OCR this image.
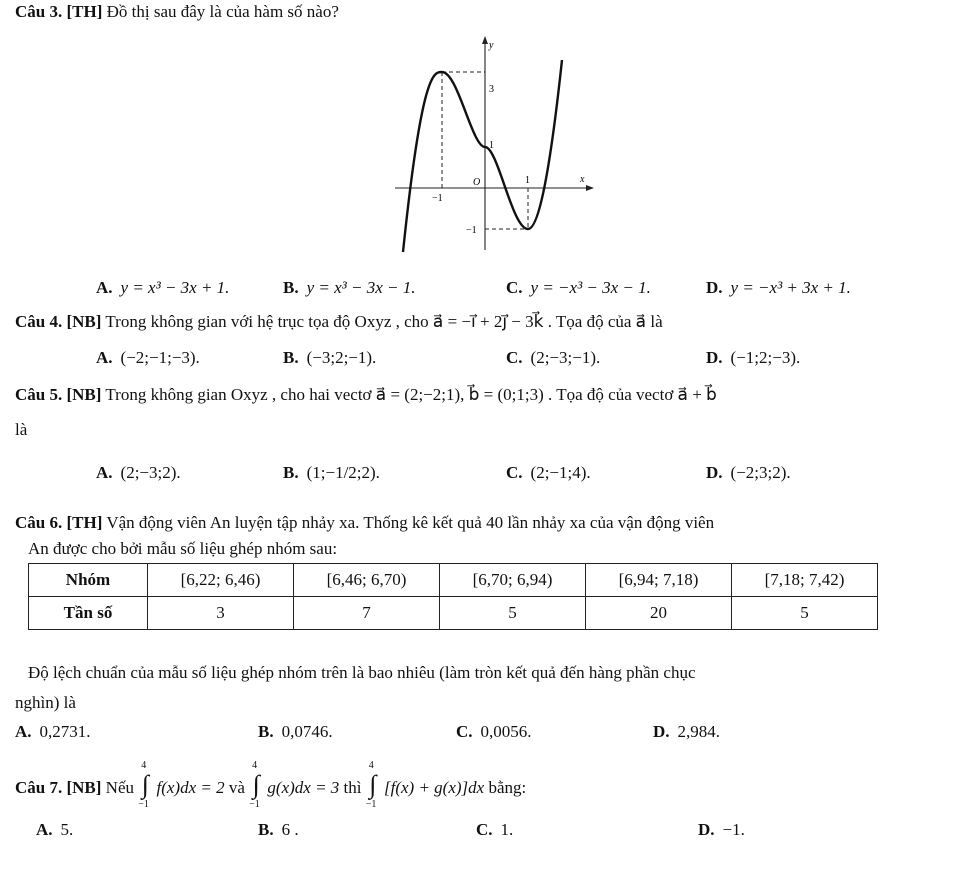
Câu 3. [TH] Đồ thị sau đây là của hàm số nào?
y
x
O	1
−1
3
1
−1
A. y = x³ − 3x + 1.	B. y = x³ − 3x − 1.	C. y = −x³ − 3x − 1.	D. y = −x³ + 3x + 1.
Câu 4. [NB] Trong không gian với hệ trục tọa độ Oxyz , cho a⃗ = −i⃗ + 2j⃗ − 3k⃗ . Tọa độ của a⃗ là
A. (−2;−1;−3).	B. (−3;2;−1).	C. (2;−3;−1).	D. (−1;2;−3).
Câu 5. [NB] Trong không gian Oxyz , cho hai vectơ a⃗ = (2;−2;1), b⃗ = (0;1;3) . Tọa độ của vectơ a⃗ + b⃗
là
A. (2;−3;2).	B. (1;−1/2;2).	C. (2;−1;4).	D. (−2;3;2).
Câu 6. [TH] Vận động viên An luyện tập nhảy xa. Thống kê kết quả 40 lần nhảy xa của vận động viên
An được cho bởi mẫu số liệu ghép nhóm sau:
Nhóm	[6,22; 6,46)	[6,46; 6,70)	[6,70; 6,94)	[6,94; 7,18)	[7,18; 7,42)
Tần số	3	7	5	20	5
Độ lệch chuẩn của mẫu số liệu ghép nhóm trên là bao nhiêu (làm tròn kết quả đến hàng phần chục
nghìn) là
A. 0,2731.	B. 0,0746.	C. 0,0056.	D. 2,984.
Câu 7. [NB] Nếu
4
∫
−1
f(x)dx = 2 và
4
∫
−1
g(x)dx = 3 thì
4
∫
−1
[f(x) + g(x)]dx bằng:
A. 5.	B. 6 .	C. 1.	D. −1.
